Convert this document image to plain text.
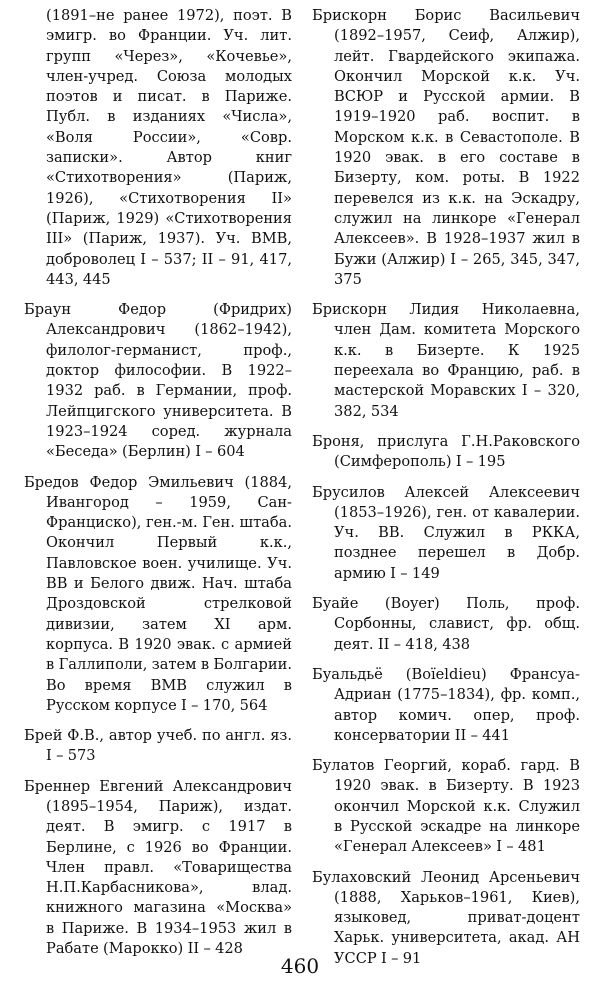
(1891–не ранее 1972), поэт. В эмигр. во Франции. Уч. лит. групп «Через», «Кочевье», член-учред. Союза молодых поэтов и писат. в Париже. Публ. в изданиях «Числа», «Воля России», «Совр. записки». Автор книг «Стихотворения» (Париж, 1926), «Стихотворения II» (Париж, 1929) «Стихотворения III» (Париж, 1937). Уч. ВМВ, доброволец I – 537; II – 91, 417, 443, 445

Браун Федор (Фридрих) Александрович (1862–1942), филолог-германист, проф., доктор философии. В 1922–1932 раб. в Германии, проф. Лейпцигского университета. В 1923–1924 соред. журнала «Беседа» (Берлин) I – 604

Бредов Федор Эмильевич (1884, Ивангород – 1959, Сан-Франциско), ген.-м. Ген. штаба. Окончил Первый к.к., Павловское воен. училище. Уч. ВВ и Белого движ. Нач. штаба Дроздовской стрелковой дивизии, затем XI арм. корпуса. В 1920 эвак. с армией в Галлиполи, затем в Болгарии. Во время ВМВ служил в Русском корпусе I – 170, 564

Брей Ф.В., автор учеб. по англ. яз. I – 573

Бреннер Евгений Александрович (1895–1954, Париж), издат. деят. В эмигр. с 1917 в Берлине, с 1926 во Франции. Член правл. «Товарищества Н.П.Карбасникова», влад. книжного магазина «Москва» в Париже. В 1934–1953 жил в Рабате (Марокко) II – 428

Брискорн Борис Васильевич (1892–1957, Сеиф, Алжир), лейт. Гвардейского экипажа. Окончил Морской к.к. Уч. ВСЮР и Русской армии. В 1919–1920 раб. воспит. в Морском к.к. в Севастополе. В 1920 эвак. в его составе в Бизерту, ком. роты. В 1922 перевелся из к.к. на Эскадру, служил на линкоре «Генерал Алексеев». В 1928–1937 жил в Бужи (Алжир) I – 265, 345, 347, 375

Брискорн Лидия Николаевна, член Дам. комитета Морского к.к. в Бизерте. К 1925 переехала во Францию, раб. в мастерской Моравских I – 320, 382, 534

Броня, прислуга Г.Н.Раковского (Симферополь) I – 195

Брусилов Алексей Алексеевич (1853–1926), ген. от кавалерии. Уч. ВВ. Служил в РККА, позднее перешел в Добр. армию I – 149

Буайе (Boyer) Поль, проф. Сорбонны, славист, фр. общ. деят. II – 418, 438

Буальдьё (Boïeldieu) Франсуа-Адриан (1775–1834), фр. комп., автор комич. опер, проф. консерватории II – 441

Булатов Георгий, кораб. гард. В 1920 эвак. в Бизерту. В 1923 окончил Морской к.к. Служил в Русской эскадре на линкоре «Генерал Алексеев» I – 481

Булаховский Леонид Арсеньевич (1888, Харьков–1961, Киев), языковед, приват-доцент Харьк. университета, акад. АН УССР I – 91

460
